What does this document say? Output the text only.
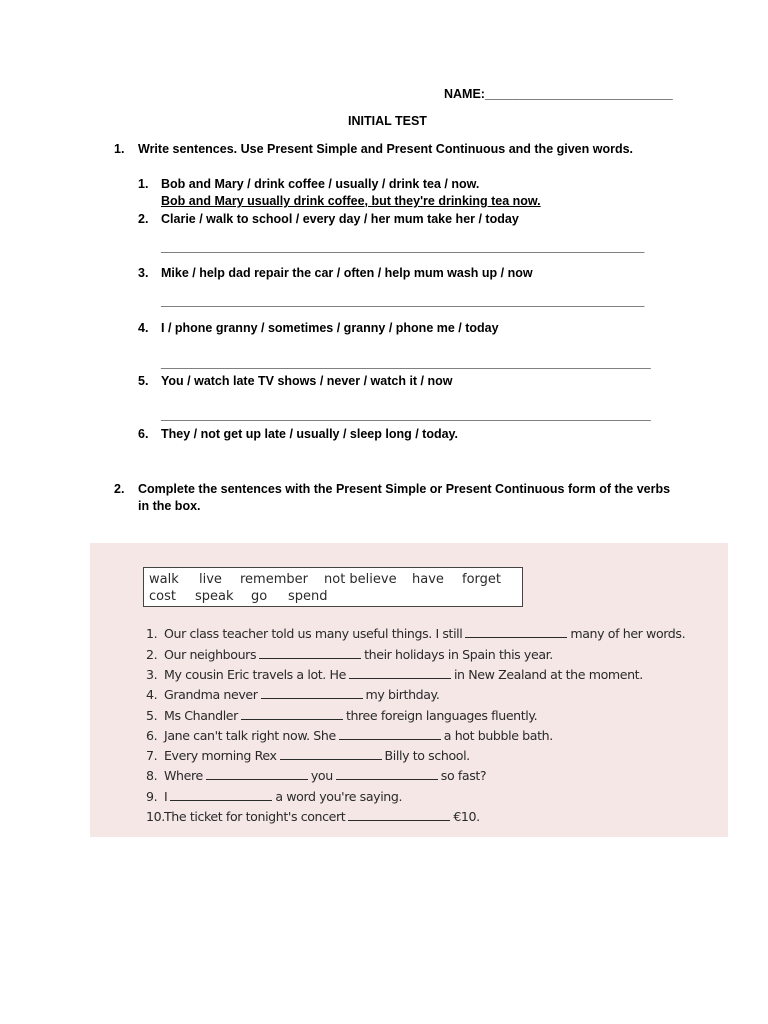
NAME:___________________________
INITIAL TEST
1. Write sentences. Use Present Simple and Present Continuous and the given words.
1. Bob and Mary / drink coffee / usually / drink tea / now.
Bob and Mary usually drink coffee, but they're drinking tea now.
2. Clarie / walk to school / every day / her mum take her / today
____________________________________________________________________________
3. Mike / help dad repair the car / often / help mum wash up / now
____________________________________________________________________________
4. I / phone granny / sometimes / granny / phone me / today
_____________________________________________________________________________
5. You / watch late TV shows / never / watch it / now
_____________________________________________________________________________
6. They / not get up late / usually / sleep long / today.
2. Complete the sentences with the Present Simple or Present Continuous form of the verbs
in the box.
walk live remember not believe have forget
cost speak go spend
1. Our class teacher told us many useful things. I still	many of her words.
2. Our neighbours	their holidays in Spain this year.
3. My cousin Eric travels a lot. He	in New Zealand at the moment.
4. Grandma never	my birthday.
5. Ms Chandler	three foreign languages fluently.
6. Jane can't talk right now. She	a hot bubble bath.
7. Every morning Rex	Billy to school.
8. Where	you	so fast?
9. I	a word you're saying.
10.The ticket for tonight's concert	€10.
